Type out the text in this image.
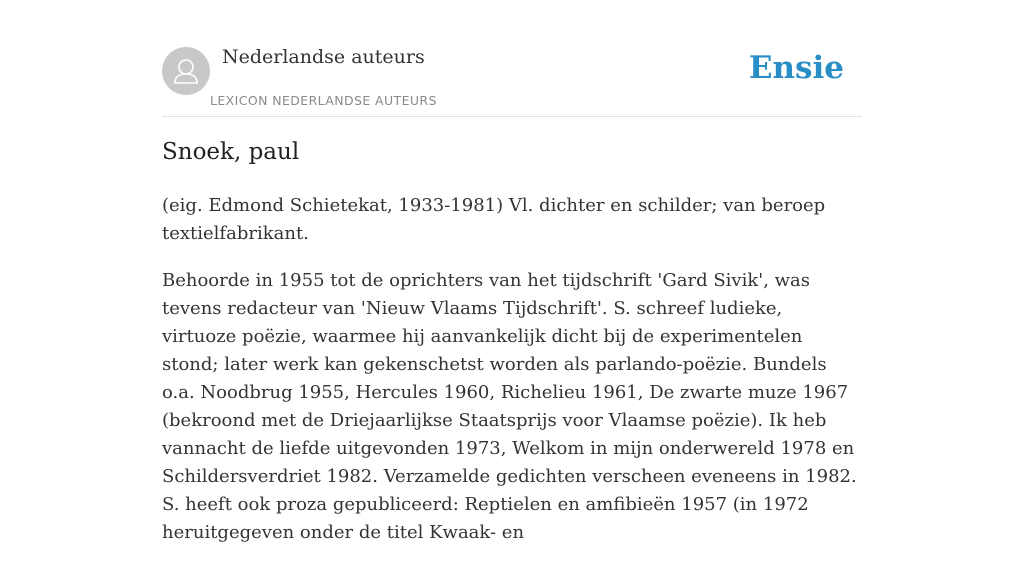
Nederlandse auteurs
LEXICON NEDERLANDSE AUTEURS
Ensie
Snoek, paul

(eig. Edmond Schietekat, 1933-1981) Vl. dichter en schilder; van beroep textielfabrikant.

Behoorde in 1955 tot de oprichters van het tijdschrift 'Gard Sivik', was tevens redacteur van 'Nieuw Vlaams Tijdschrift'. S. schreef ludieke, virtuoze poëzie, waarmee hij aanvankelijk dicht bij de experimentelen stond; later werk kan gekenschetst worden als parlando-poëzie. Bundels o.a. Noodbrug 1955, Hercules 1960, Richelieu 1961, De zwarte muze 1967 (bekroond met de Driejaarlijkse Staatsprijs voor Vlaamse poëzie). Ik heb vannacht de liefde uitgevonden 1973, Welkom in mijn onderwereld 1978 en Schildersverdriet 1982. Verzamelde gedichten verscheen eveneens in 1982. S. heeft ook proza gepubliceerd: Reptielen en amfibieën 1957 (in 1972 heruitgegeven onder de titel Kwaak- en
